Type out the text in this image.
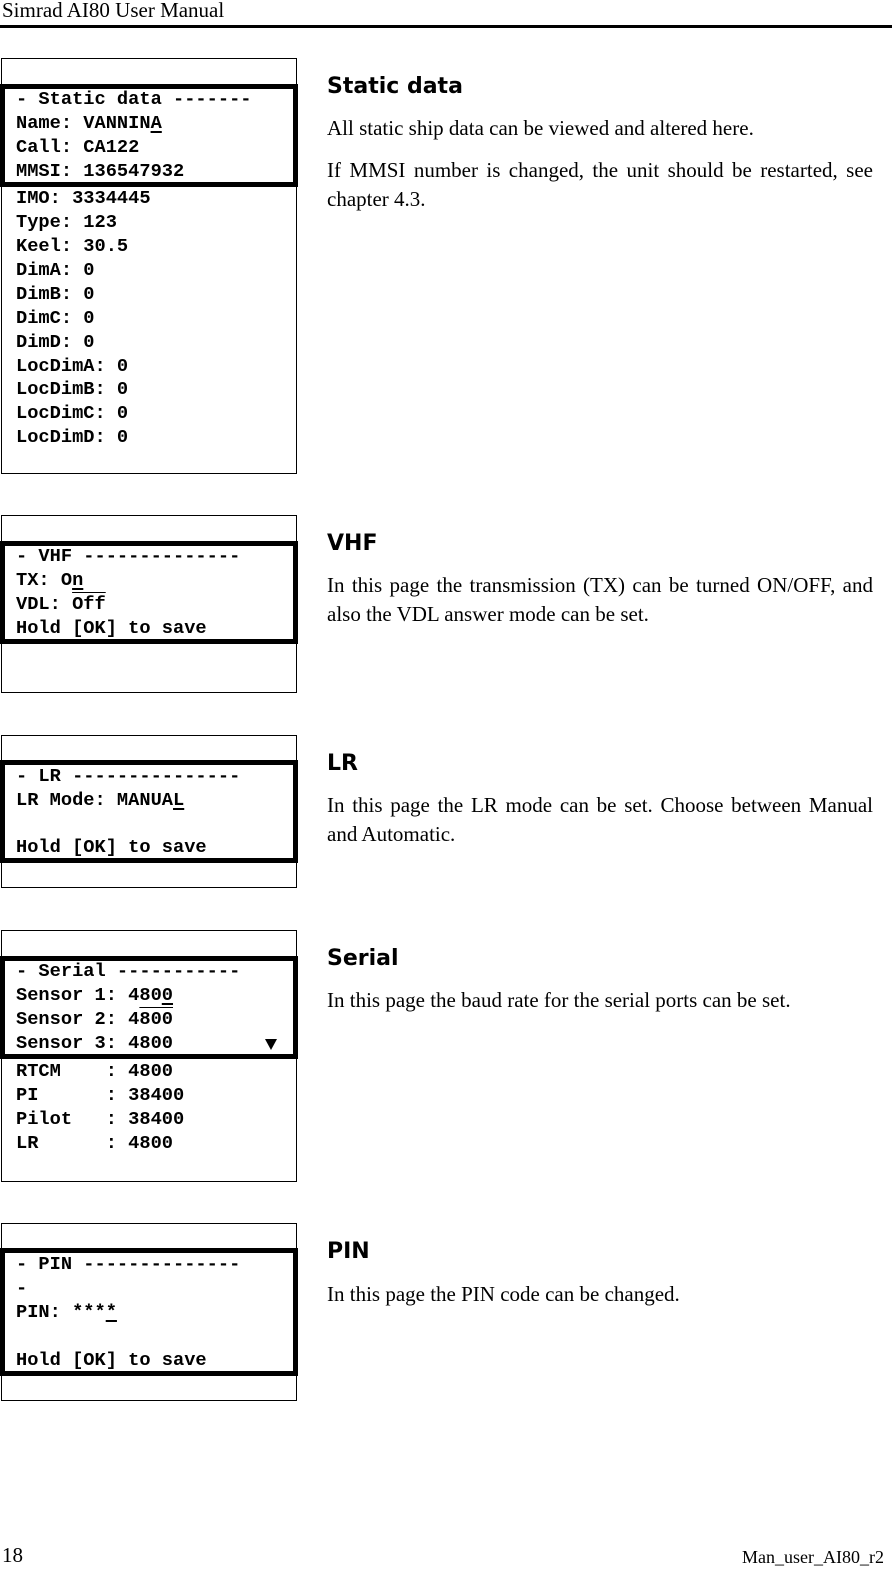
Simrad AI80 User Manual
18	Man_user_AI80_r2
- Static data -------
Name: VANNINA
Call: CA122
MMSI: 136547932
IMO: 3334445
Type: 123
Keel: 30.5
DimA: 0
DimB: 0
DimC: 0
DimD: 0
LocDimA: 0
LocDimB: 0
LocDimC: 0
LocDimD: 0
Static data

All static ship data can be viewed and altered here.

If MMSI number is changed, the unit should be restarted, see chapter 4.3.

- VHF --------------
TX: On
VDL: $\overline{Off}$
Hold [OK] to save
VHF

In this page the transmission (TX) can be turned ON/OFF, and also the VDL answer mode can be set.

- LR ---------------
LR Mode: MANUAL
Hold [OK] to save
LR

In this page the LR mode can be set. Choose between Manual and Automatic.

- Serial -----------
Sensor 1: 4800
Sensor 2: 4800
Sensor 3: 4800
RTCM    : 4800
PI      : 38400
Pilot   : 38400
LR      : 4800
Serial

In this page the baud rate for the serial ports can be set.

- PIN --------------
-
PIN: ****
Hold [OK] to save
PIN

In this page the PIN code can be changed.
